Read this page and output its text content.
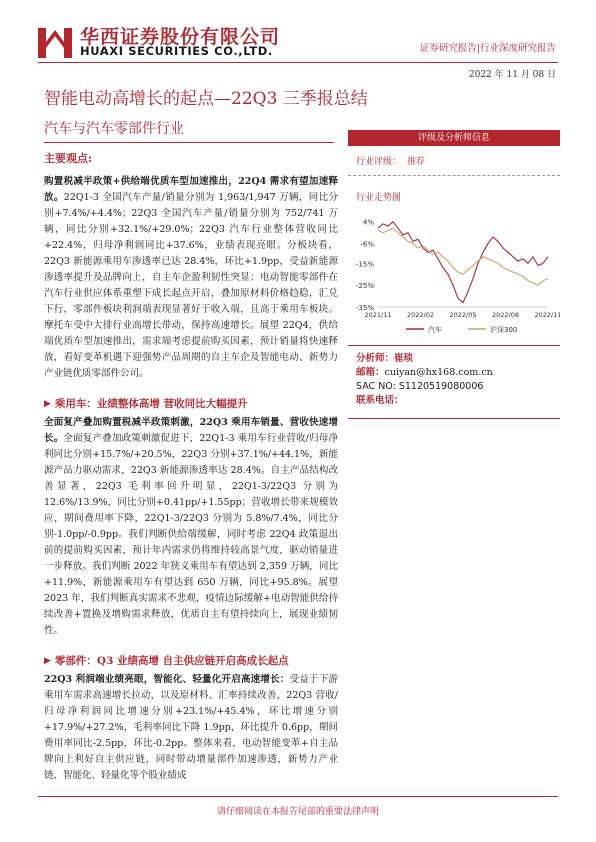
华西证券股份有限公司
HUAXI SECURITIES CO.,LTD.	证券研究报告|行业深度研究报告
2022 年 11 月 08 日
智能电动高增长的起点—22Q3 三季报总结
汽车与汽车零部件行业
主要观点:

购置税减半政策+供给端优质车型加速推出，22Q4 需求有望加速释放。22Q1-3 全国汽车产量/销量分别为 1,963/1,947 万辆，同比分别+7.4%/+4.4%；22Q3 全国汽车产量/销量分别为 752/741 万辆，同比分别+32.1%/+29.0%；22Q3 汽车行业整体营收同比+22.4%，归母净利润同比+37.6%，业绩表现亮眼。分板块看，22Q3 新能源乘用车渗透率已达 28.4%，环比+1.9pp，受益新能源渗透率提升及品牌向上，自主车企盈利韧性突显；电动智能零部件在汽车行业供应体系重塑下成长起点开启，叠加原材料价格趋稳，汇兑下行，零部件板块利润端表现显著好于收入端，且高于乘用车板块。摩托车受中大排行业高增长带动，保持高速增长。展望 22Q4，供给端优质车型加速推出，需求端考虑提前购买因素，预计销量将快速释放，看好变革机遇下迎强势产品周期的自主车企及智能电动、新势力产业链优质零部件公司。

▶ 乘用车：业绩整体高增 营收同比大幅提升

全面复产叠加购置税减半政策刺激，22Q3 乘用车销量、营收快速增长。全面复产叠加政策刺激促进下，22Q1-3 乘用车行业营收/归母净利同比分别+15.7%/+20.5%，22Q3 分别+37.1%/+44.1%，新能源产品力驱动需求，22Q3 新能源渗透率达 28.4%。自主产品结构改善显著，22Q3 毛利率回升明显，22Q1-3/22Q3 分别为 12.6%/13.9%，同比分别+0.41pp/+1.55pp；营收增长带来规模效应，期间费用率下降，22Q1-3/22Q3 分别为 5.8%/7.4%，同比分别-1.0pp/-0.9pp。我们判断供给端缓解，同时考虑 22Q4 政策退出前的提前购买因素，预计年内需求仍将维持较高景气度，驱动销量进一步释放。我们判断 2022 年狭义乘用车有望达到 2,359 万辆，同比+11.9%，新能源乘用车有望达到 650 万辆，同比+95.8%。展望 2023 年，我们判断真实需求不悲观，疫情边际缓解+电动智能供给持续改善+置换及增购需求释放，优质自主有望持续向上，展现业绩韧性。

▶ 零部件：Q3 业绩高增 自主供应链开启高成长起点

22Q3 利润端业绩亮眼，智能化、轻量化开启高速增长：受益于下游乘用车需求高速增长拉动，以及原材料、汇率持续改善，22Q3 营收/归母净利润同比增速分别+23.1%/+45.4%，环比增速分别+17.9%/+27.2%，毛利率同比下降 1.9pp，环比提升 0.6pp，期间费用率同比-2.5pp，环比-0.2pp。整体来看，电动智能变革+自主品牌向上利好自主供应链，同时带动增量部件加速渗透，新势力产业链、智能化、轻量化等个股业绩成

评级及分析师信息
行业评级： 推荐
行业走势图
4%
-6%
-15%
-25%
-35%
2021/11 2022/02 2022/05 2022/08 2022/11
汽车	沪深300
分析师：崔琰
邮箱：cuiyan@hx168.com.cn
SAC NO: S1120519080006
联系电话：
请仔细阅读在本报告尾部的重要法律声明
